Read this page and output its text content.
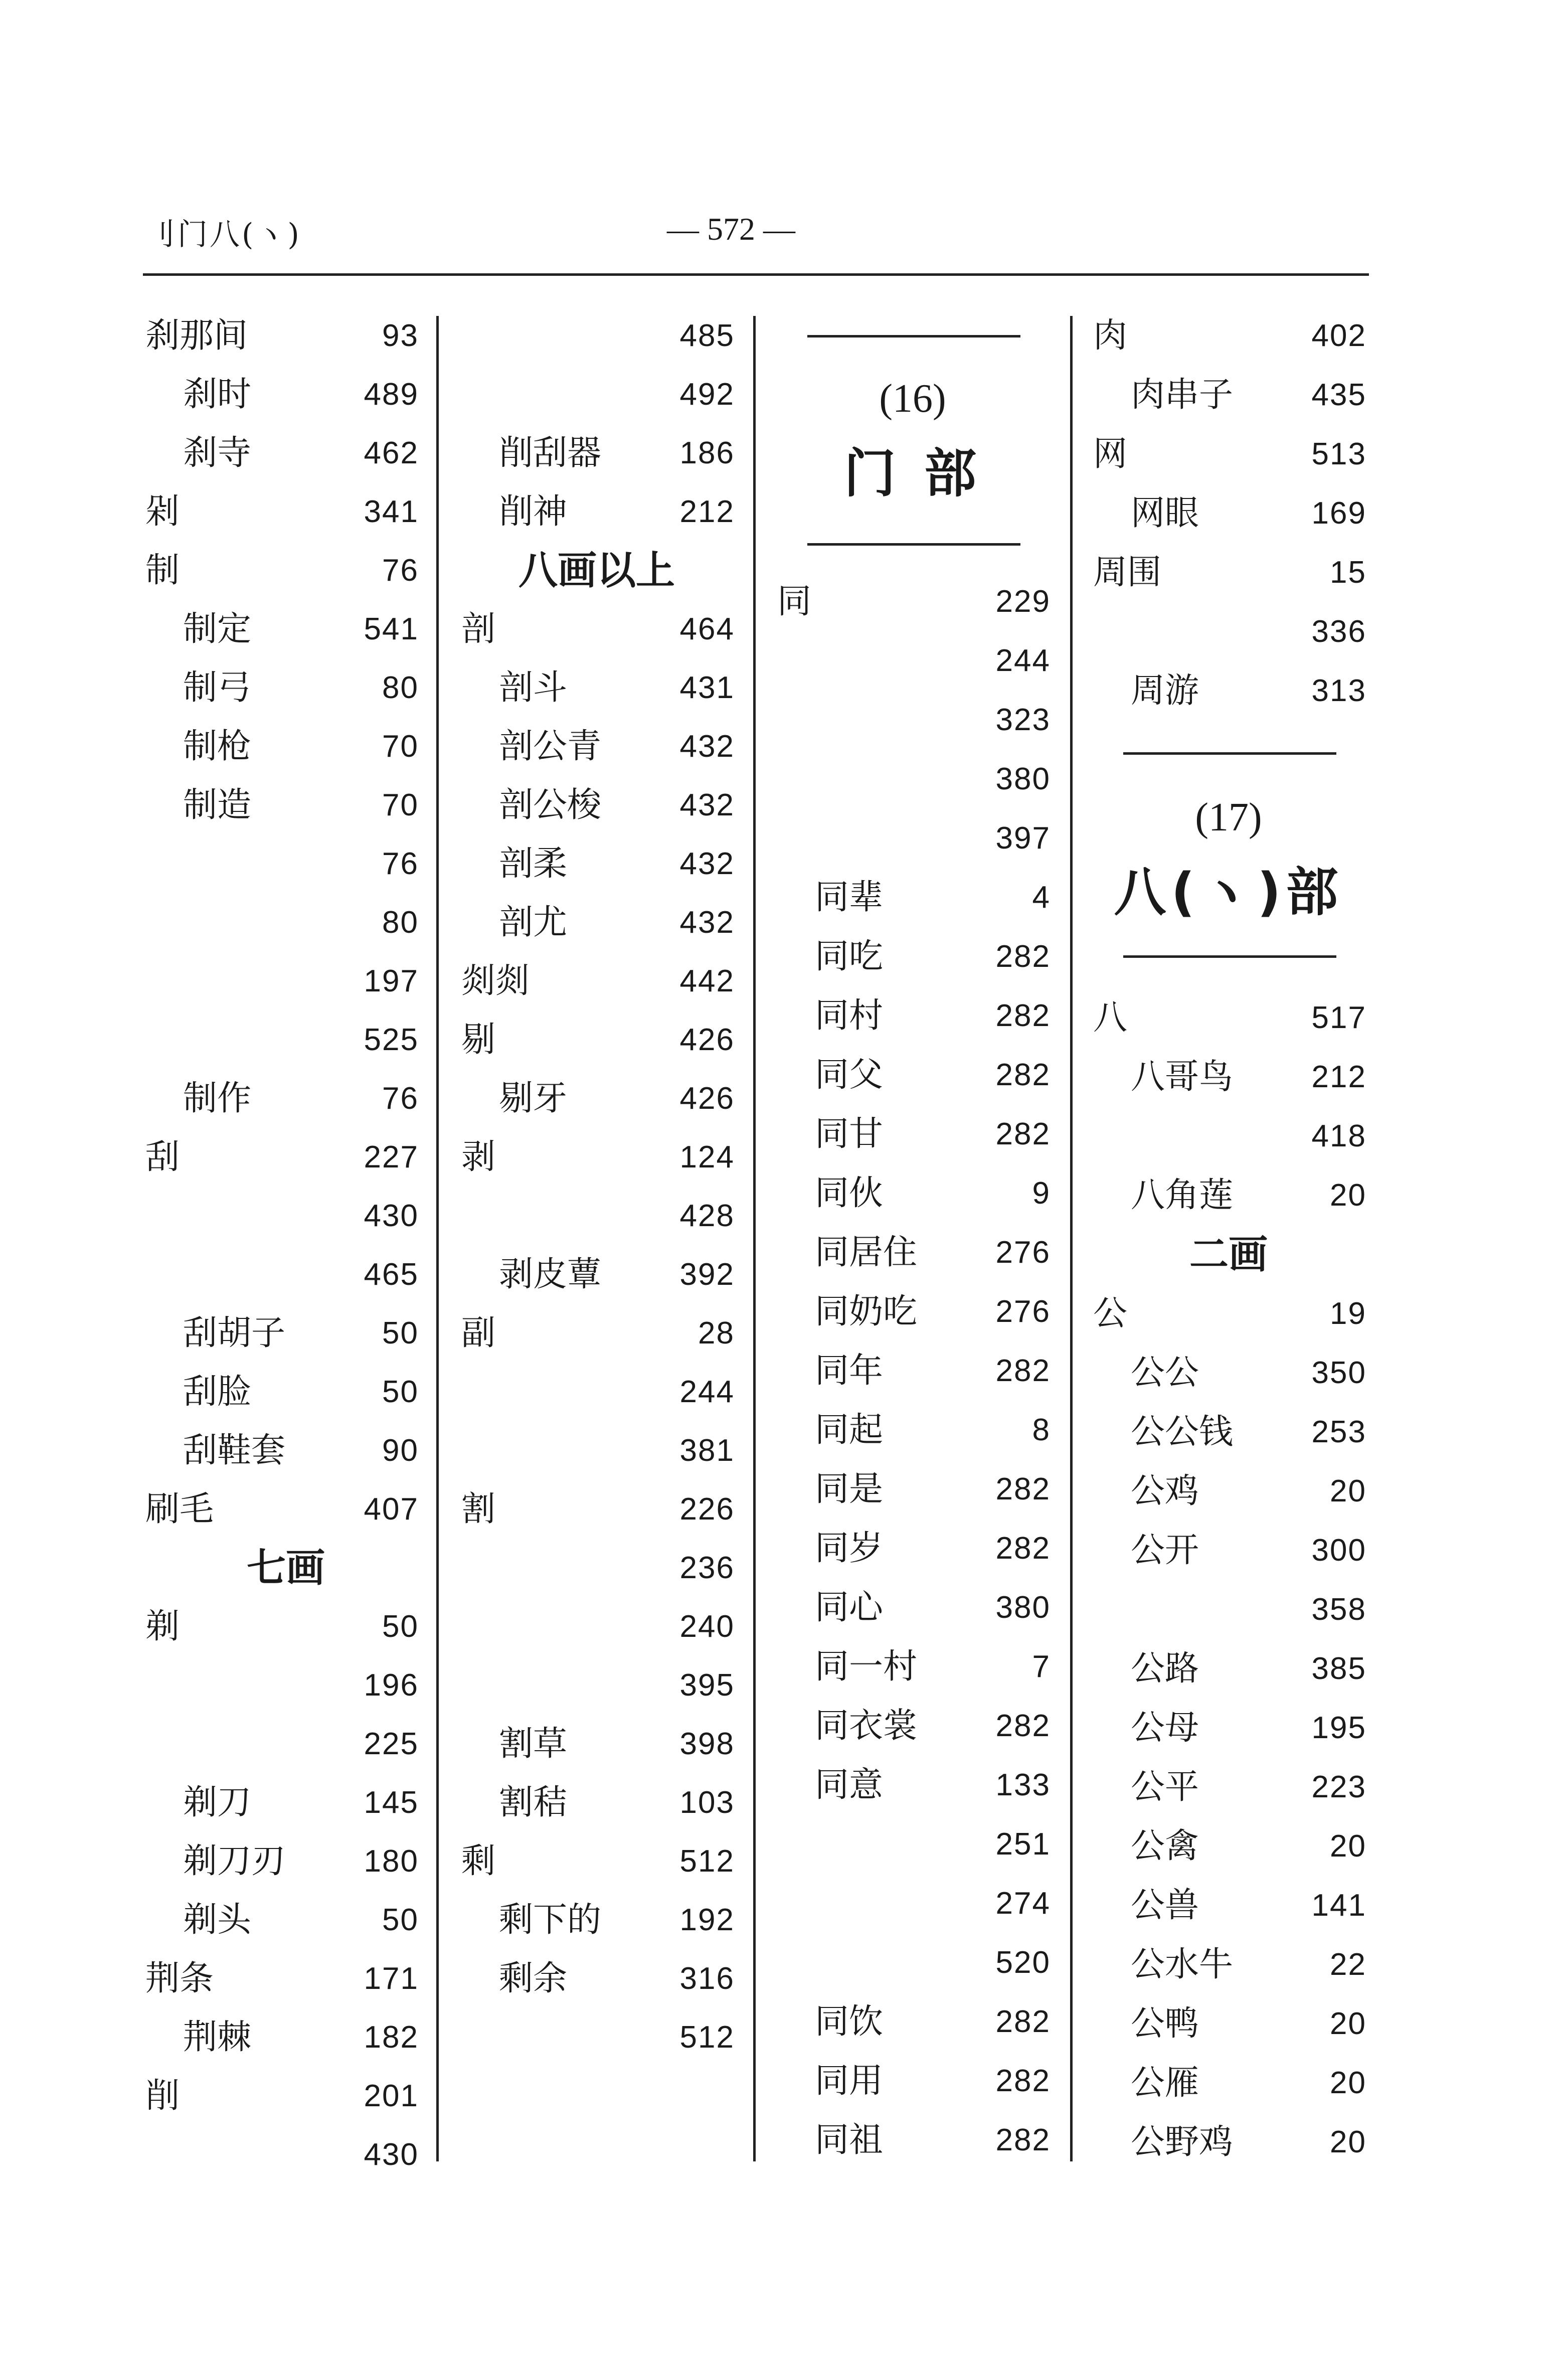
刂门八(ヽ)	— 572 —
刹那间	93
刹时	489
刹寺	462
剁	341
制	76
制定	541
制弓	80
制枪	70
制造	70
76
80
197
525
制作	76
刮	227
430
465
刮胡子	50
刮脸	50
刮鞋套	90
刷毛	407
七画
剃	50
196
225
剃刀	145
剃刀刃	180
剃头	50
荆条	171
荆棘	182
削	201
430
485
492
削刮器	186
削神	212
八画以上
剖	464
剖斗	431
剖公青	432
剖公梭	432
剖柔	432
剖尤	432
剡剡	442
剔	426
剔牙	426
剥	124
428
剥皮蕈	392
副	28
244
381
割	226
236
240
395
割草	398
割秸	103
剩	512
剩下的	192
剩余	316
512
(16)
门 部
同	229
244
323
380
397
同辈	4
同吃	282
同村	282
同父	282
同甘	282
同伙	9
同居住	276
同奶吃	276
同年	282
同起	8
同是	282
同岁	282
同心	380
同一村	7
同衣裳	282
同意	133
251
274
520
同饮	282
同用	282
同祖	282
肉	402
肉串子	435
网	513
网眼	169
周围	15
336
周游	313
(17)
八(ヽ)部
八	517
八哥鸟	212
418
八角莲	20
二画
公	19
公公	350
公公钱	253
公鸡	20
公开	300
358
公路	385
公母	195
公平	223
公禽	20
公兽	141
公水牛	22
公鸭	20
公雁	20
公野鸡	20
